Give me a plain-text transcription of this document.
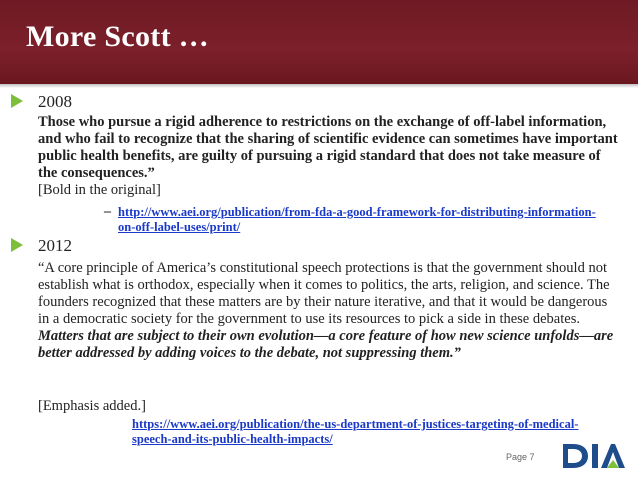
More Scott …
2008
Those who pursue a rigid adherence to restrictions on the exchange of off-label information, and who fail to recognize that the sharing of scientific evidence can sometimes have important public health benefits, are guilty of pursuing a rigid standard that does not take measure of the consequences.”
[Bold in the original]
– http://www.aei.org/publication/from-fda-a-good-framework-for-distributing-information-on-off-label-uses/print/
2012
“A core principle of America’s constitutional speech protections is that the government should not establish what is orthodox, especially when it comes to politics, the arts, religion, and science. The founders recognized that these matters are by their nature iterative, and that it would be dangerous in a democratic society for the government to use its resources to pick a side in these debates. Matters that are subject to their own evolution—a core feature of how new science unfolds—are better addressed by adding voices to the debate, not suppressing them.”
[Emphasis added.]
https://www.aei.org/publication/the-us-department-of-justices-targeting-of-medical-speech-and-its-public-health-impacts/
Page 7
